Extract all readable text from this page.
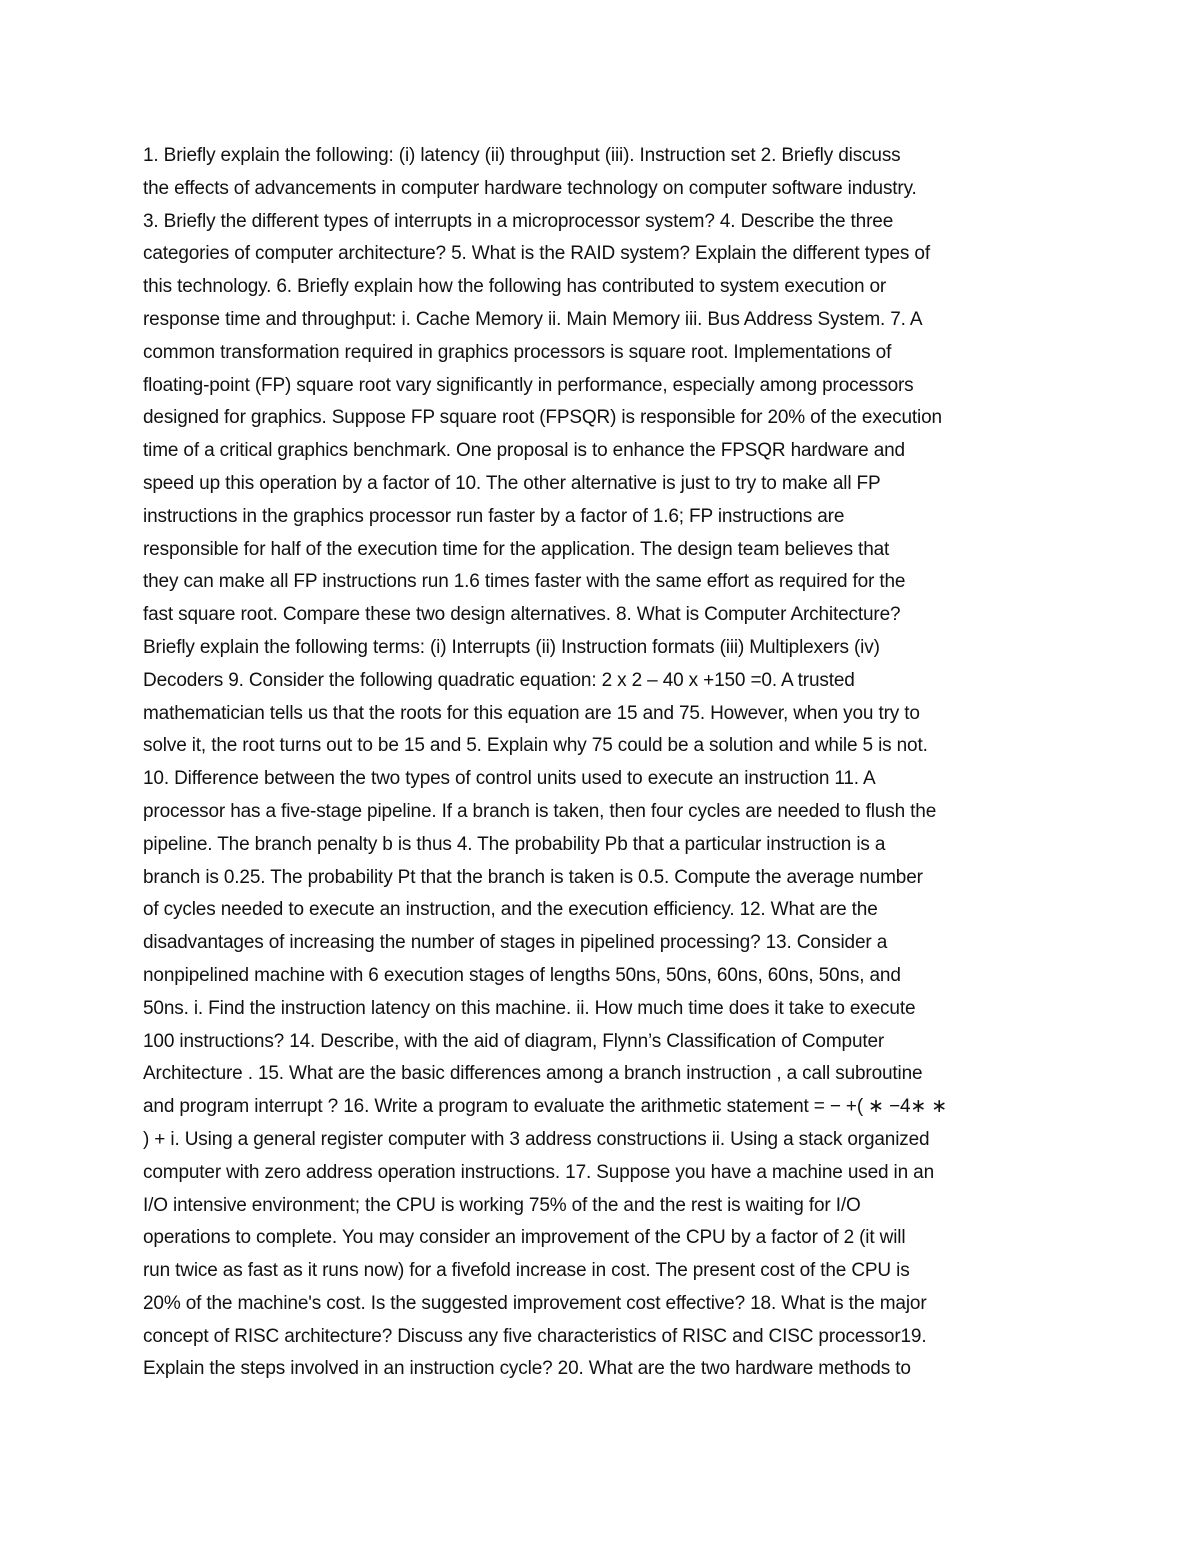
1. Briefly explain the following: (i) latency (ii) throughput (iii). Instruction set 2. Briefly discuss
the effects of advancements in computer hardware technology on computer software industry.
3. Briefly the different types of interrupts in a microprocessor system? 4. Describe the three
categories of computer architecture? 5. What is the RAID system? Explain the different types of
this technology. 6. Briefly explain how the following has contributed to system execution or
response time and throughput: i. Cache Memory ii. Main Memory iii. Bus Address System. 7. A
common transformation required in graphics processors is square root. Implementations of
floating-point (FP) square root vary significantly in performance, especially among processors
designed for graphics. Suppose FP square root (FPSQR) is responsible for 20% of the execution
time of a critical graphics benchmark. One proposal is to enhance the FPSQR hardware and
speed up this operation by a factor of 10. The other alternative is just to try to make all FP
instructions in the graphics processor run faster by a factor of 1.6; FP instructions are
responsible for half of the execution time for the application. The design team believes that
they can make all FP instructions run 1.6 times faster with the same effort as required for the
fast square root. Compare these two design alternatives. 8. What is Computer Architecture?
Briefly explain the following terms: (i) Interrupts (ii) Instruction formats (iii) Multiplexers (iv)
Decoders 9. Consider the following quadratic equation: 2 x 2 – 40 x +150 =0. A trusted
mathematician tells us that the roots for this equation are 15 and 75. However, when you try to
solve it, the root turns out to be 15 and 5. Explain why 75 could be a solution and while 5 is not.
10. Difference between the two types of control units used to execute an instruction 11. A
processor has a five-stage pipeline. If a branch is taken, then four cycles are needed to flush the
pipeline. The branch penalty b is thus 4. The probability Pb that a particular instruction is a
branch is 0.25. The probability Pt that the branch is taken is 0.5. Compute the average number
of cycles needed to execute an instruction, and the execution efficiency. 12. What are the
disadvantages of increasing the number of stages in pipelined processing? 13. Consider a
nonpipelined machine with 6 execution stages of lengths 50ns, 50ns, 60ns, 60ns, 50ns, and
50ns. i. Find the instruction latency on this machine. ii. How much time does it take to execute
100 instructions? 14. Describe, with the aid of diagram, Flynn’s Classification of Computer
Architecture . 15. What are the basic differences among a branch instruction , a call subroutine
and program interrupt ? 16. Write a program to evaluate the arithmetic statement = − +( ∗ −4∗ ∗
) + i. Using a general register computer with 3 address constructions ii. Using a stack organized
computer with zero address operation instructions. 17. Suppose you have a machine used in an
I/O intensive environment; the CPU is working 75% of the and the rest is waiting for I/O
operations to complete. You may consider an improvement of the CPU by a factor of 2 (it will
run twice as fast as it runs now) for a fivefold increase in cost. The present cost of the CPU is
20% of the machine's cost. Is the suggested improvement cost effective? 18. What is the major
concept of RISC architecture? Discuss any five characteristics of RISC and CISC processor19.
Explain the steps involved in an instruction cycle? 20. What are the two hardware methods to
